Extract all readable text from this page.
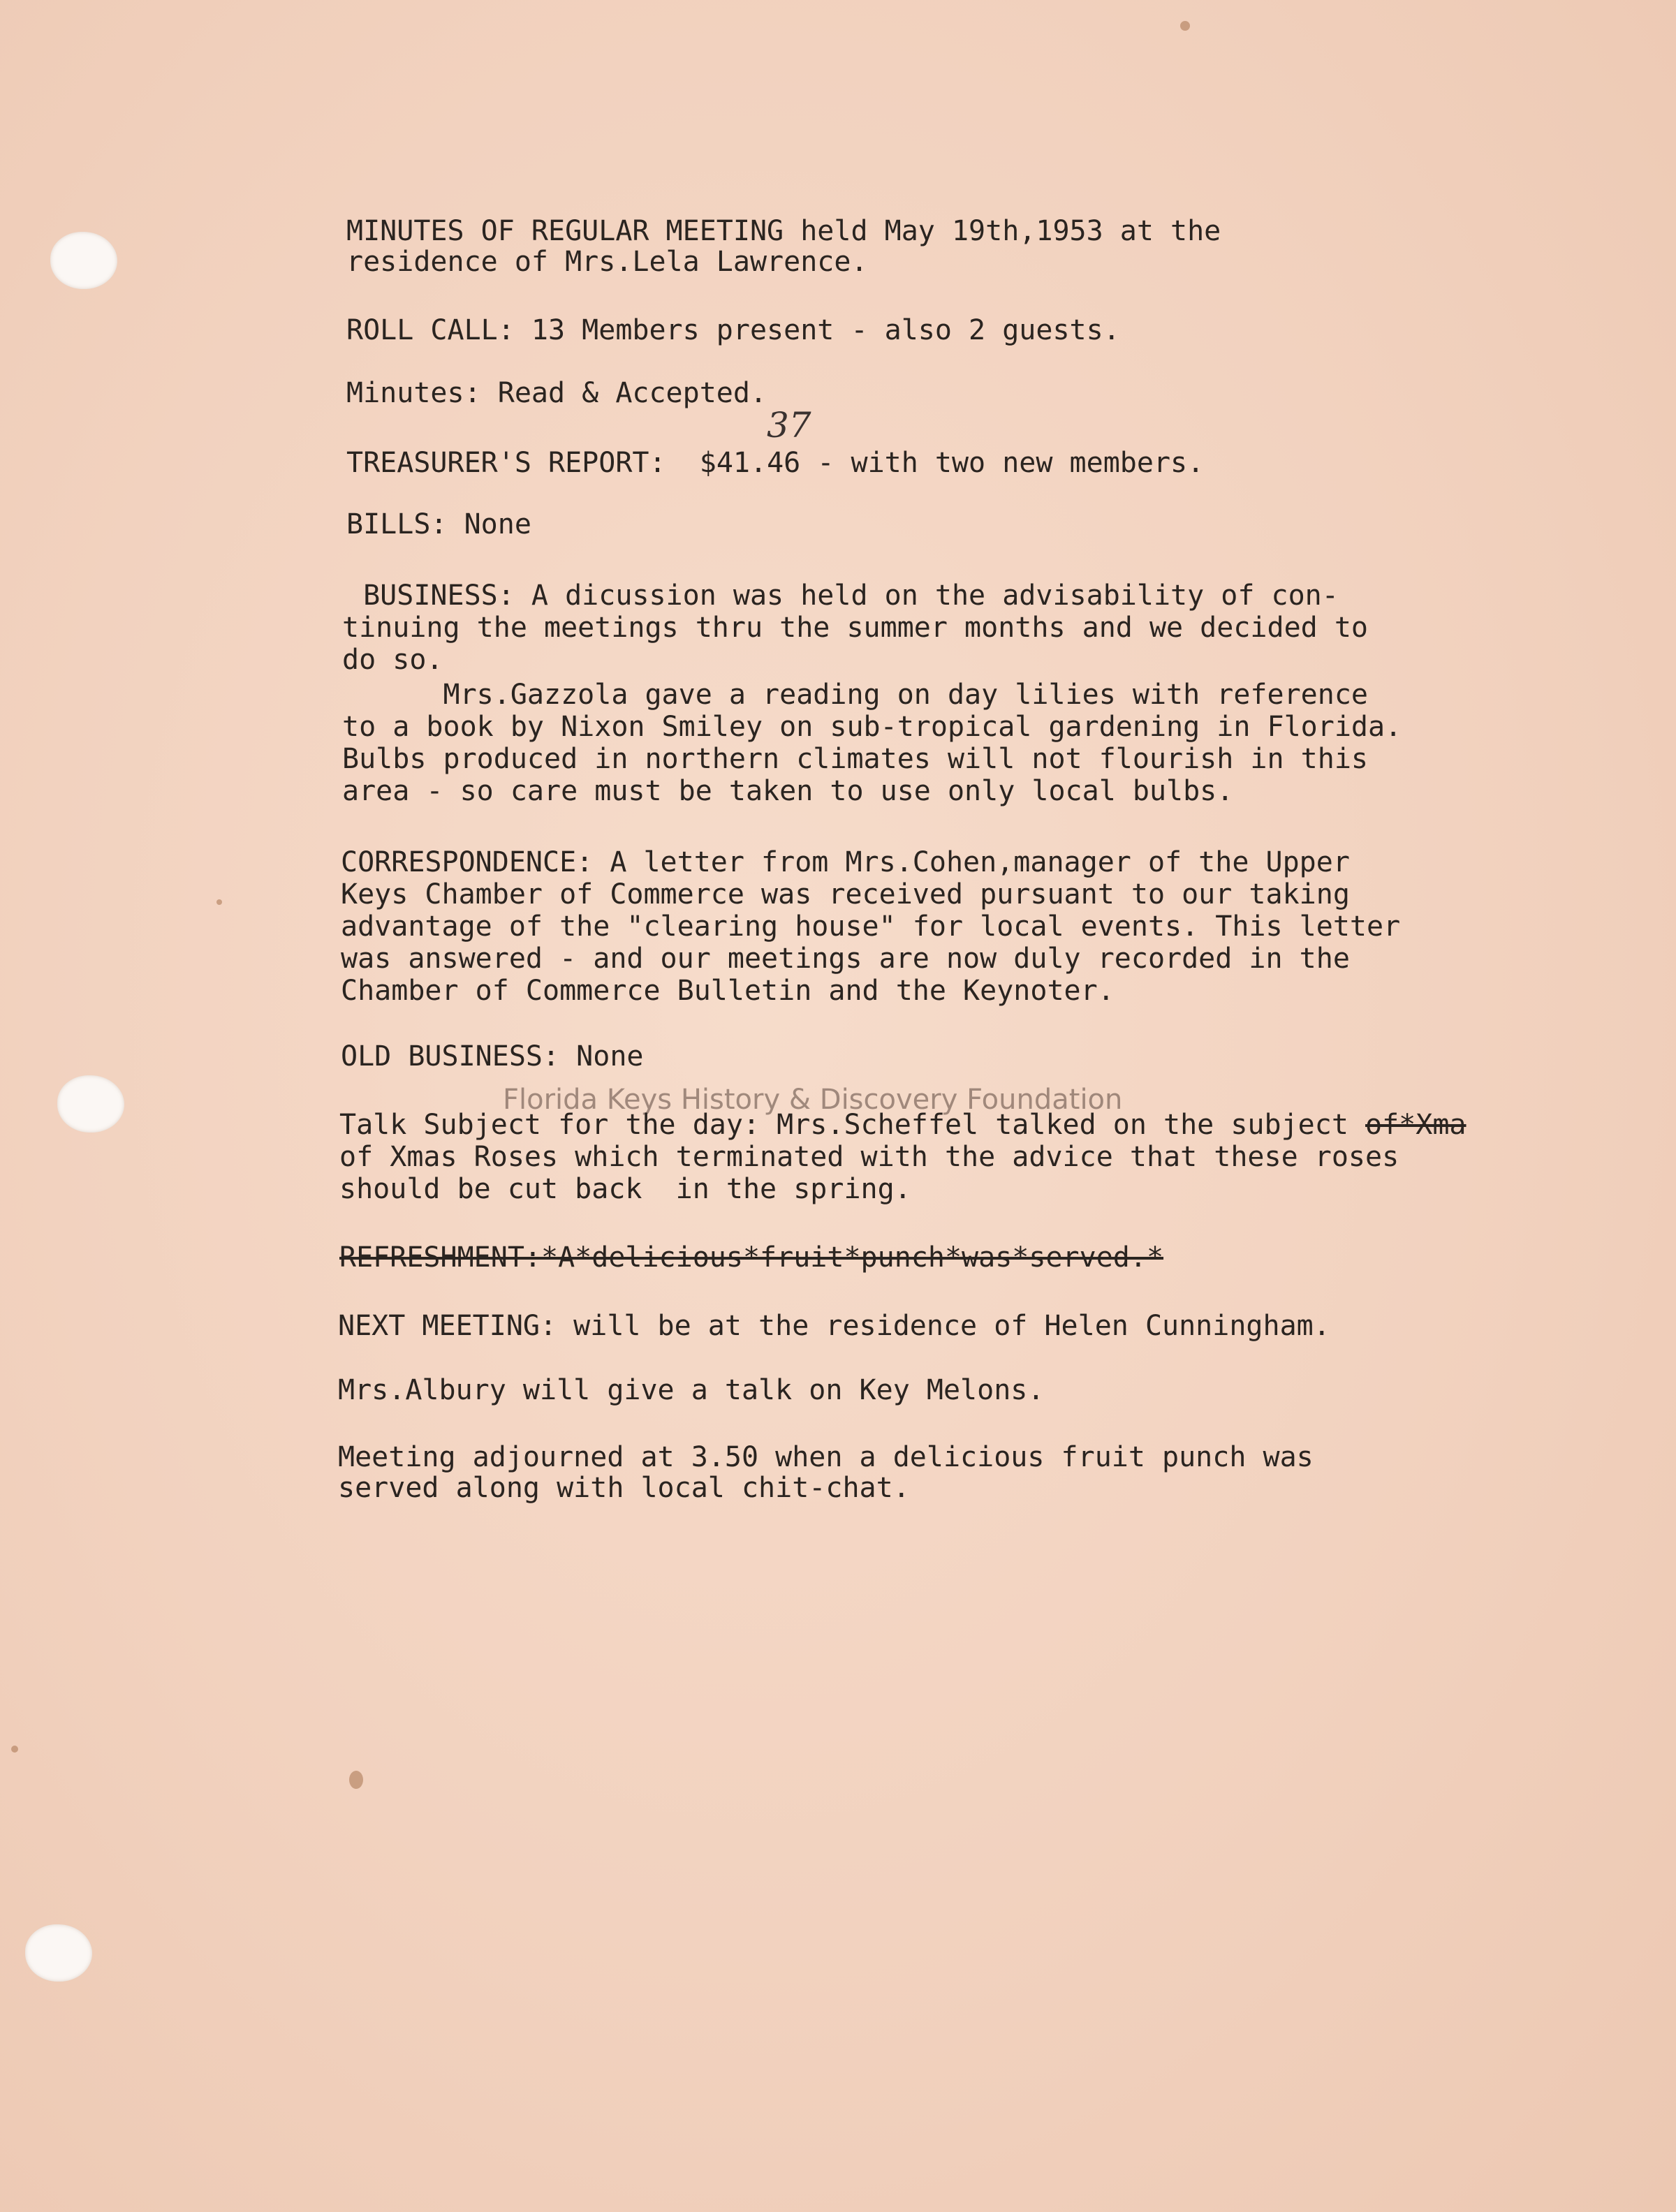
MINUTES OF REGULAR MEETING held May 19th,1953 at the

residence of Mrs.Lela Lawrence.

ROLL CALL: 13 Members present - also 2 guests.

Minutes: Read & Accepted.

TREASURER'S REPORT:  $41.46 - with two new members.

37

BILLS: None

BUSINESS: A dicussion was held on the advisability of con-

tinuing the meetings thru the summer months and we decided to

do so.

Mrs.Gazzola gave a reading on day lilies with reference

to a book by Nixon Smiley on sub-tropical gardening in Florida.

Bulbs produced in northern climates will not flourish in this

area - so care must be taken to use only local bulbs.

CORRESPONDENCE: A letter from Mrs.Cohen,manager of the Upper

Keys Chamber of Commerce was received pursuant to our taking

advantage of the "clearing house" for local events. This letter

was answered - and our meetings are now duly recorded in the

Chamber of Commerce Bulletin and the Keynoter.

OLD BUSINESS: None

Florida Keys History & Discovery Foundation

Talk Subject for the day: Mrs.Scheffel talked on the subject of*Xma

of Xmas Roses which terminated with the advice that these roses

should be cut back  in the spring.

REFRESHMENT:*A*delicious*fruit*punch*was*served.*

NEXT MEETING: will be at the residence of Helen Cunningham.

Mrs.Albury will give a talk on Key Melons.

Meeting adjourned at 3.50 when a delicious fruit punch was

served along with local chit-chat.
